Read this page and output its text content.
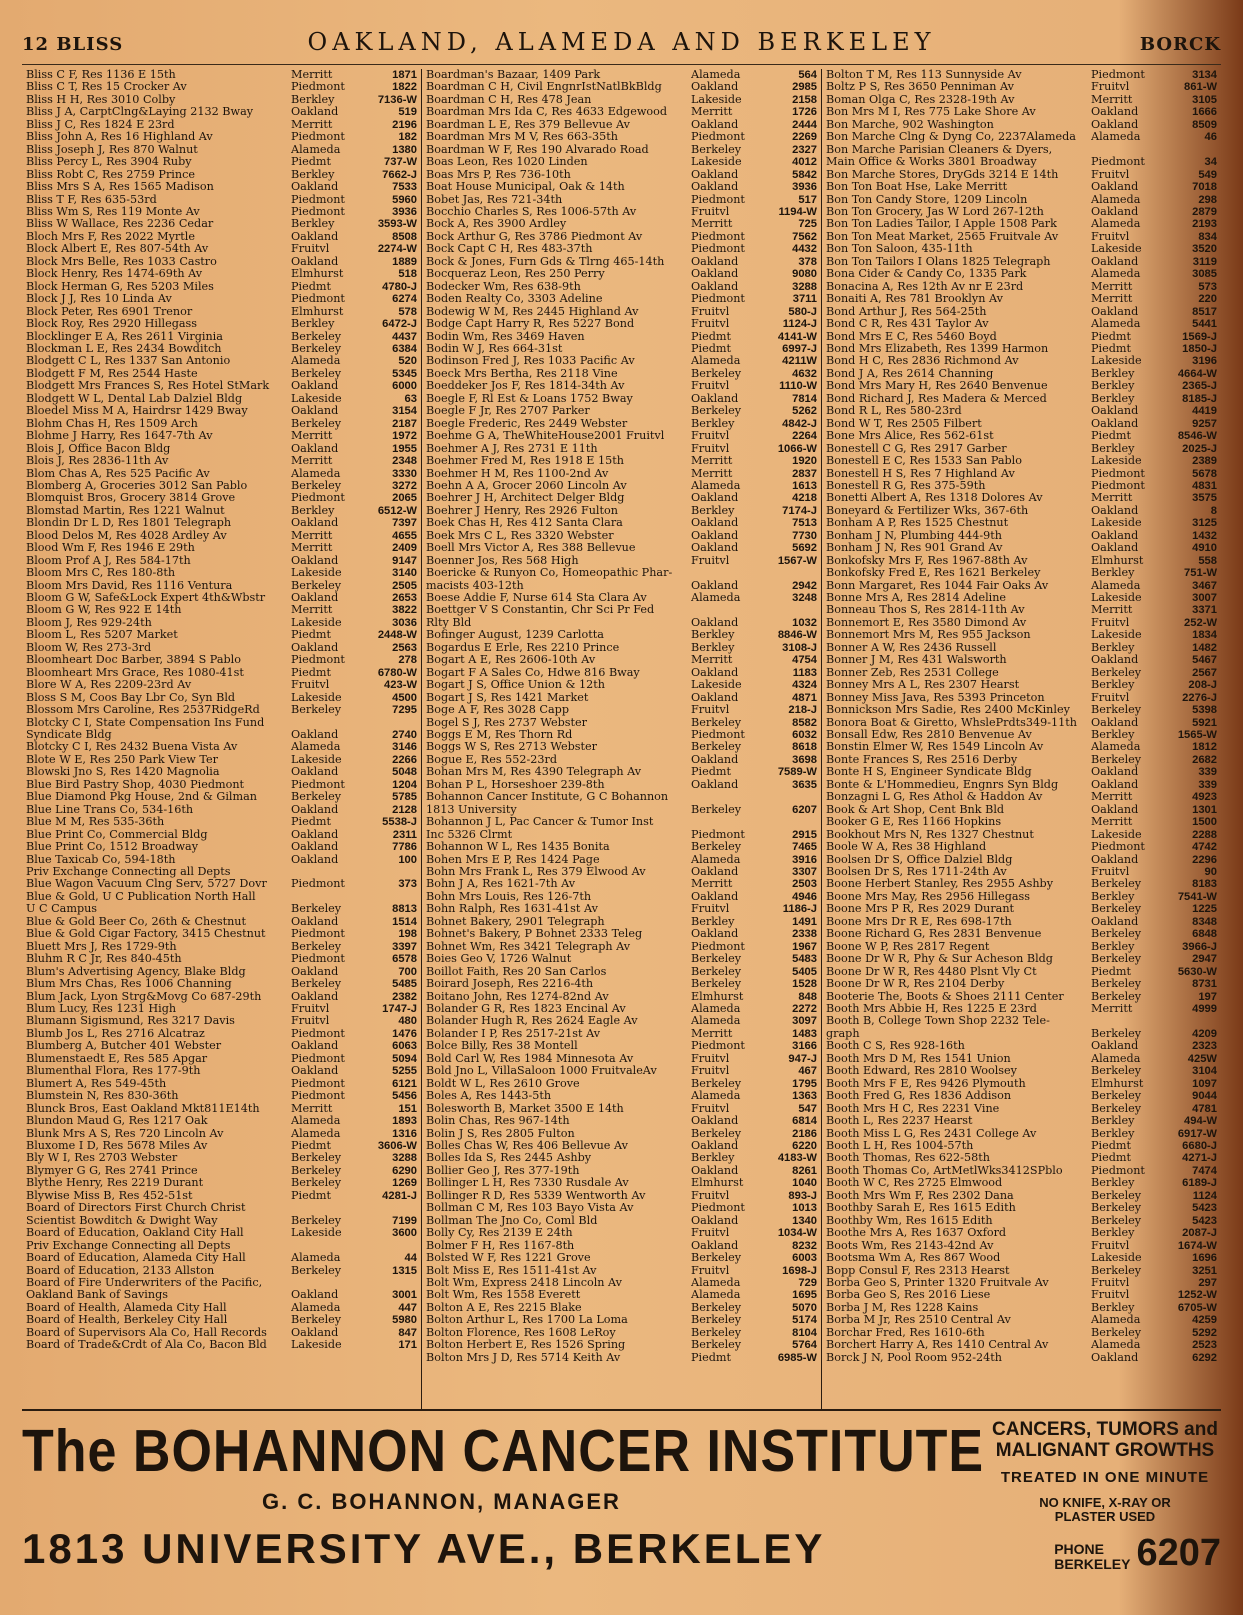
12 BLISS	OAKLAND, ALAMEDA AND BERKELEY	BORCK
Bliss C F, Res 1136 E 15th	Merritt	1871
Bliss C T, Res 15 Crocker Av	Piedmont	1822
Bliss H H, Res 3010 Colby	Berkley	7136-W
Bliss J A, CarptClng&Laying 2132 Bway	Oakland	519
Bliss J C, Res 1824 E 23rd	Merritt	2196
Bliss John A, Res 16 Highland Av	Piedmont	182
Bliss Joseph J, Res 870 Walnut	Alameda	1380
Bliss Percy L, Res 3904 Ruby	Piedmt	737-W
Bliss Robt C, Res 2759 Prince	Berkley	7662-J
Bliss Mrs S A, Res 1565 Madison	Oakland	7533
Bliss T F, Res 635-53rd	Piedmont	5960
Bliss Wm S, Res 119 Monte Av	Piedmont	3936
Bliss W Wallace, Res 2236 Cedar	Berkley	3593-W
Bloch Mrs F, Res 2022 Myrtle	Oakland	8508
Block Albert E, Res 807-54th Av	Fruitvl	2274-W
Block Mrs Belle, Res 1033 Castro	Oakland	1889
Block Henry, Res 1474-69th Av	Elmhurst	518
Block Herman G, Res 5203 Miles	Piedmt	4780-J
Block J J, Res 10 Linda Av	Piedmont	6274
Block Peter, Res 6901 Trenor	Elmhurst	578
Block Roy, Res 2920 Hillegass	Berkley	6472-J
Blocklinger E A, Res 2611 Virginia	Berkeley	4437
Blockman L E, Res 2434 Bowditch	Berkeley	6384
Blodgett C L, Res 1337 San Antonio	Alameda	520
Blodgett F M, Res 2544 Haste	Berkeley	5345
Blodgett Mrs Frances S, Res Hotel StMark	Oakland	6000
Blodgett W L, Dental Lab Dalziel Bldg	Lakeside	63
Bloedel Miss M A, Hairdrsr 1429 Bway	Oakland	3154
Blohm Chas H, Res 1509 Arch	Berkeley	2187
Blohme J Harry, Res 1647-7th Av	Merritt	1972
Blois J, Office Bacon Bldg	Oakland	1955
Blois J, Res 2836-11th Av	Merritt	2348
Blom Chas A, Res 525 Pacific Av	Alameda	3330
Blomberg A, Groceries 3012 San Pablo	Berkeley	3272
Blomquist Bros, Grocery 3814 Grove	Piedmont	2065
Blomstad Martin, Res 1221 Walnut	Berkley	6512-W
Blondin Dr L D, Res 1801 Telegraph	Oakland	7397
Blood Delos M, Res 4028 Ardley Av	Merritt	4655
Blood Wm F, Res 1946 E 29th	Merritt	2409
Bloom Prof A J, Res 584-17th	Oakland	9147
Bloom Mrs C, Res 180-8th	Lakeside	3140
Bloom Mrs David, Res 1116 Ventura	Berkeley	2505
Bloom G W, Safe&Lock Expert 4th&Wbstr	Oakland	2653
Bloom G W, Res 922 E 14th	Merritt	3822
Bloom J, Res 929-24th	Lakeside	3036
Bloom L, Res 5207 Market	Piedmt	2448-W
Bloom W, Res 273-3rd	Oakland	2563
Bloomheart Doc Barber, 3894 S Pablo	Piedmont	278
Bloomheart Mrs Grace, Res 1080-41st	Piedmt	6780-W
Blore W A, Res 2209-23rd Av	Fruitvl	423-W
Bloss S M, Coos Bay Lbr Co, Syn Bld	Lakeside	4500
Blossom Mrs Caroline, Res 2537RidgeRd	Berkeley	7295
Blotcky C I, State Compensation Ins Fund
Syndicate Bldg	Oakland	2740
Blotcky C I, Res 2432 Buena Vista Av	Alameda	3146
Blote W E, Res 250 Park View Ter	Lakeside	2266
Blowski Jno S, Res 1420 Magnolia	Oakland	5048
Blue Bird Pastry Shop, 4030 Piedmont	Piedmont	1204
Blue Diamond Pkg House, 2nd & Gilman	Berkeley	5785
Blue Line Trans Co, 534-16th	Oakland	2128
Blue M M, Res 535-36th	Piedmt	5538-J
Blue Print Co, Commercial Bldg	Oakland	2311
Blue Print Co, 1512 Broadway	Oakland	7786
Blue Taxicab Co, 594-18th	Oakland	100
Priv Exchange Connecting all Depts
Blue Wagon Vacuum Clng Serv, 5727 Dovr	Piedmont	373
Blue & Gold, U C Publication North Hall
U C Campus	Berkeley	8813
Blue & Gold Beer Co, 26th & Chestnut	Oakland	1514
Blue & Gold Cigar Factory, 3415 Chestnut	Piedmont	198
Bluett Mrs J, Res 1729-9th	Berkeley	3397
Bluhm R C Jr, Res 840-45th	Piedmont	6578
Blum's Advertising Agency, Blake Bldg	Oakland	700
Blum Mrs Chas, Res 1006 Channing	Berkeley	5485
Blum Jack, Lyon Strg&Movg Co 687-29th	Oakland	2382
Blum Lucy, Res 1231 High	Fruitvl	1747-J
Blumann Sigismund, Res 3217 Davis	Fruitvl	480
Blumb Jos L, Res 2716 Alcatraz	Piedmont	1476
Blumberg A, Butcher 401 Webster	Oakland	6063
Blumenstaedt E, Res 585 Apgar	Piedmont	5094
Blumenthal Flora, Res 177-9th	Oakland	5255
Blumert A, Res 549-45th	Piedmont	6121
Blumstein N, Res 830-36th	Piedmont	5456
Blunck Bros, East Oakland Mkt811E14th	Merritt	151
Blundon Maud G, Res 1217 Oak	Alameda	1893
Blunk Mrs A S, Res 720 Lincoln Av	Alameda	1316
Bluxome I D, Res 5678 Miles Av	Piedmt	3606-W
Bly W I, Res 2703 Webster	Berkeley	3288
Blymyer G G, Res 2741 Prince	Berkeley	6290
Blythe Henry, Res 2219 Durant	Berkeley	1269
Blywise Miss B, Res 452-51st	Piedmt	4281-J
Board of Directors First Church Christ
Scientist Bowditch & Dwight Way	Berkeley	7199
Board of Education, Oakland City Hall	Lakeside	3600
Priv Exchange Connecting all Depts
Board of Education, Alameda City Hall	Alameda	44
Board of Education, 2133 Allston	Berkeley	1315
Board of Fire Underwriters of the Pacific,
Oakland Bank of Savings	Oakland	3001
Board of Health, Alameda City Hall	Alameda	447
Board of Health, Berkeley City Hall	Berkeley	5980
Board of Supervisors Ala Co, Hall Records	Oakland	847
Board of Trade&Crdt of Ala Co, Bacon Bld	Lakeside	171
Boardman's Bazaar, 1409 Park	Alameda	564
Boardman C H, Civil EngnrIstNatlBkBldg	Oakland	2985
Boardman C H, Res 478 Jean	Lakeside	2158
Boardman Mrs Ida C, Res 4633 Edgewood	Merritt	1726
Boardman L E, Res 379 Bellevue Av	Oakland	2444
Boardman Mrs M V, Res 663-35th	Piedmont	2269
Boardman W F, Res 190 Alvarado Road	Berkeley	2327
Boas Leon, Res 1020 Linden	Lakeside	4012
Boas Mrs P, Res 736-10th	Oakland	5842
Boat House Municipal, Oak & 14th	Oakland	3936
Bobet Jas, Res 721-34th	Piedmont	517
Bocchio Charles S, Res 1006-57th Av	Fruitvl	1194-W
Bock A, Res 3900 Ardley	Merritt	725
Bock Arthur G, Res 3786 Piedmont Av	Piedmont	7562
Bock Capt C H, Res 483-37th	Piedmont	4432
Bock & Jones, Furn Gds & Tlrng 465-14th	Oakland	378
Bocqueraz Leon, Res 250 Perry	Oakland	9080
Bodecker Wm, Res 638-9th	Oakland	3288
Boden Realty Co, 3303 Adeline	Piedmont	3711
Bodewig W M, Res 2445 Highland Av	Fruitvl	580-J
Bodge Capt Harry R, Res 5227 Bond	Fruitvl	1124-J
Bodin Wm, Res 3469 Haven	Piedmt	4141-W
Bodin W J, Res 664-31st	Piedmt	6997-J
Bodinson Fred J, Res 1033 Pacific Av	Alameda	4211W
Boeck Mrs Bertha, Res 2118 Vine	Berkeley	4632
Boeddeker Jos F, Res 1814-34th Av	Fruitvl	1110-W
Boegle F, Rl Est & Loans 1752 Bway	Oakland	7814
Boegle F Jr, Res 2707 Parker	Berkeley	5262
Boegle Frederic, Res 2449 Webster	Berkley	4842-J
Boehme G A, TheWhiteHouse2001 Fruitvl	Fruitvl	2264
Boehmer A J, Res 2731 E 11th	Fruitvl	1066-W
Boehmer Fred M, Res 1918 E 15th	Merritt	1920
Boehmer H M, Res 1100-2nd Av	Merritt	2837
Boehn A A, Grocer 2060 Lincoln Av	Alameda	1613
Boehrer J H, Architect Delger Bldg	Oakland	4218
Boehrer J Henry, Res 2926 Fulton	Berkley	7174-J
Boek Chas H, Res 412 Santa Clara	Oakland	7513
Boek Mrs C L, Res 3320 Webster	Oakland	7730
Boell Mrs Victor A, Res 388 Bellevue	Oakland	5692
Boenner Jos, Res 568 High	Fruitvl	1567-W
Boericke & Runyon Co, Homeopathic Phar-
macists 403-12th	Oakland	2942
Boese Addie F, Nurse 614 Sta Clara Av	Alameda	3248
Boettger V S Constantin, Chr Sci Pr Fed
Rlty Bld	Oakland	1032
Bofinger August, 1239 Carlotta	Berkley	8846-W
Bogardus E Erle, Res 2210 Prince	Berkley	3108-J
Bogart A E, Res 2606-10th Av	Merritt	4754
Bogart F A Sales Co, Hdwe 816 Bway	Oakland	1183
Bogart J S, Office Union & 12th	Lakeside	4324
Bogart J S, Res 1421 Market	Oakland	4871
Boge A F, Res 3028 Capp	Fruitvl	218-J
Bogel S J, Res 2737 Webster	Berkeley	8582
Boggs E M, Res Thorn Rd	Piedmont	6032
Boggs W S, Res 2713 Webster	Berkeley	8618
Bogue E, Res 552-23rd	Oakland	3698
Bohan Mrs M, Res 4390 Telegraph Av	Piedmt	7589-W
Bohan P L, Horseshoer 239-8th	Oakland	3635
Bohannon Cancer Institute, G C Bohannon
1813 University	Berkeley	6207
Bohannon J L, Pac Cancer & Tumor Inst
Inc 5326 Clrmt	Piedmont	2915
Bohannon W L, Res 1435 Bonita	Berkeley	7465
Bohen Mrs E P, Res 1424 Page	Alameda	3916
Bohn Mrs Frank L, Res 379 Elwood Av	Oakland	3307
Bohn J A, Res 1621-7th Av	Merritt	2503
Bohn Mrs Louis, Res 126-7th	Oakland	4946
Bohn Ralph, Res 1631-41st Av	Fruitvl	1186-J
Bohnet Bakery, 2901 Telegraph	Berkley	1491
Bohnet's Bakery, P Bohnet 2333 Teleg	Oakland	2338
Bohnet Wm, Res 3421 Telegraph Av	Piedmont	1967
Boies Geo V, 1726 Walnut	Berkeley	5483
Boillot Faith, Res 20 San Carlos	Berkeley	5405
Boirard Joseph, Res 2216-4th	Berkeley	1528
Boitano John, Res 1274-82nd Av	Elmhurst	848
Bolander G R, Res 1823 Encinal Av	Alameda	2272
Bolander Hugh R, Res 2624 Eagle Av	Alameda	3097
Bolander I P, Res 2517-21st Av	Merritt	1483
Bolce Billy, Res 38 Montell	Piedmont	3166
Bold Carl W, Res 1984 Minnesota Av	Fruitvl	947-J
Bold Jno L, VillaSaloon 1000 FruitvaleAv	Fruitvl	467
Boldt W L, Res 2610 Grove	Berkeley	1795
Boles A, Res 1443-5th	Alameda	1363
Bolesworth B, Market 3500 E 14th	Fruitvl	547
Bolin Chas, Res 967-14th	Oakland	6814
Bolin J S, Res 2805 Fulton	Berkeley	2186
Bolles Chas W, Res 406 Bellevue Av	Oakland	6220
Bolles Ida S, Res 2445 Ashby	Berkley	4183-W
Bollier Geo J, Res 377-19th	Oakland	8261
Bollinger L H, Res 7330 Rusdale Av	Elmhurst	1040
Bollinger R D, Res 5339 Wentworth Av	Fruitvl	893-J
Bollman C M, Res 103 Bayo Vista Av	Piedmont	1013
Bollman The Jno Co, Coml Bld	Oakland	1340
Bolly Cy, Res 2139 E 24th	Fruitvl	1034-W
Bolmer F H, Res 1167-8th	Oakland	8232
Bolsted W F, Res 1221 Grove	Berkeley	6003
Bolt Miss E, Res 1511-41st Av	Fruitvl	1698-J
Bolt Wm, Express 2418 Lincoln Av	Alameda	729
Bolt Wm, Res 1558 Everett	Alameda	1695
Bolton A E, Res 2215 Blake	Berkeley	5070
Bolton Arthur L, Res 1700 La Loma	Berkeley	5174
Bolton Florence, Res 1608 LeRoy	Berkeley	8104
Bolton Herbert E, Res 1526 Spring	Berkeley	5764
Bolton Mrs J D, Res 5714 Keith Av	Piedmt	6985-W
Bolton T M, Res 113 Sunnyside Av	Piedmont	3134
Boltz P S, Res 3650 Penniman Av	Fruitvl	861-W
Boman Olga C, Res 2328-19th Av	Merritt	3105
Bon Mrs M I, Res 775 Lake Shore Av	Oakland	1666
Bon Marche, 902 Washington	Oakland	8509
Bon Marche Clng & Dyng Co, 2237Alameda	Alameda	46
Bon Marche Parisian Cleaners & Dyers,
Main Office & Works 3801 Broadway	Piedmont	34
Bon Marche Stores, DryGds 3214 E 14th	Fruitvl	549
Bon Ton Boat Hse, Lake Merritt	Oakland	7018
Bon Ton Candy Store, 1209 Lincoln	Alameda	298
Bon Ton Grocery, Jas W Lord 267-12th	Oakland	2879
Bon Ton Ladies Tailor, I Apple 1508 Park	Alameda	2193
Bon Ton Meat Market, 2565 Fruitvale Av	Fruitvl	834
Bon Ton Saloon, 435-11th	Lakeside	3520
Bon Ton Tailors I Olans 1825 Telegraph	Oakland	3119
Bona Cider & Candy Co, 1335 Park	Alameda	3085
Bonacina A, Res 12th Av nr E 23rd	Merritt	573
Bonaiti A, Res 781 Brooklyn Av	Merritt	220
Bond Arthur J, Res 564-25th	Oakland	8517
Bond C R, Res 431 Taylor Av	Alameda	5441
Bond Mrs E C, Res 5460 Boyd	Piedmt	1569-J
Bond Mrs Elizabeth, Res 1399 Harmon	Piedmt	1850-J
Bond H C, Res 2836 Richmond Av	Lakeside	3196
Bond J A, Res 2614 Channing	Berkley	4664-W
Bond Mrs Mary H, Res 2640 Benvenue	Berkley	2365-J
Bond Richard J, Res Madera & Merced	Berkley	8185-J
Bond R L, Res 580-23rd	Oakland	4419
Bond W T, Res 2505 Filbert	Oakland	9257
Bone Mrs Alice, Res 562-61st	Piedmt	8546-W
Bonestell C G, Res 2917 Garber	Berkley	2025-J
Bonestell E C, Res 1533 San Pablo	Lakeside	2389
Bonestell H S, Res 7 Highland Av	Piedmont	5678
Bonestell R G, Res 375-59th	Piedmont	4831
Bonetti Albert A, Res 1318 Dolores Av	Merritt	3575
Boneyard & Fertilizer Wks, 367-6th	Oakland	8
Bonham A P, Res 1525 Chestnut	Lakeside	3125
Bonham J N, Plumbing 444-9th	Oakland	1432
Bonham J N, Res 901 Grand Av	Oakland	4910
Bonkofsky Mrs F, Res 1967-88th Av	Elmhurst	558
Bonkofsky Fred E, Res 1621 Berkeley	Berkley	751-W
Bonn Margaret, Res 1044 Fair Oaks Av	Alameda	3467
Bonne Mrs A, Res 2814 Adeline	Lakeside	3007
Bonneau Thos S, Res 2814-11th Av	Merritt	3371
Bonnemort E, Res 3580 Dimond Av	Fruitvl	252-W
Bonnemort Mrs M, Res 955 Jackson	Lakeside	1834
Bonner A W, Res 2436 Russell	Berkley	1482
Bonner J M, Res 431 Walsworth	Oakland	5467
Bonner Zeb, Res 2531 College	Berkeley	2567
Bonney Mrs A L, Res 2307 Hearst	Berkley	208-J
Bonney Miss Java, Res 5393 Princeton	Fruitvl	2276-J
Bonnickson Mrs Sadie, Res 2400 McKinley	Berkeley	5398
Bonora Boat & Giretto, WhslePrdts349-11th	Oakland	5921
Bonsall Edw, Res 2810 Benvenue Av	Berkley	1565-W
Bonstin Elmer W, Res 1549 Lincoln Av	Alameda	1812
Bonte Frances S, Res 2516 Derby	Berkeley	2682
Bonte H S, Engineer Syndicate Bldg	Oakland	339
Bonte & L'Hommedieu, Engnrs Syn Bldg	Oakland	339
Bonzagni L G, Res Athol & Haddon Av	Merritt	4923
Book & Art Shop, Cent Bnk Bld	Oakland	1301
Booker G E, Res 1166 Hopkins	Merritt	1500
Bookhout Mrs N, Res 1327 Chestnut	Lakeside	2288
Boole W A, Res 38 Highland	Piedmont	4742
Boolsen Dr S, Office Dalziel Bldg	Oakland	2296
Boolsen Dr S, Res 1711-24th Av	Fruitvl	90
Boone Herbert Stanley, Res 2955 Ashby	Berkeley	8183
Boone Mrs May, Res 2956 Hillegass	Berkley	7541-W
Boone Mrs P R, Res 2029 Durant	Berkeley	1225
Boone Mrs Dr R E, Res 698-17th	Oakland	8348
Boone Richard G, Res 2831 Benvenue	Berkeley	6848
Boone W P, Res 2817 Regent	Berkley	3966-J
Boone Dr W R, Phy & Sur Acheson Bldg	Berkeley	2947
Boone Dr W R, Res 4480 Plsnt Vly Ct	Piedmt	5630-W
Boone Dr W R, Res 2104 Derby	Berkeley	8731
Booterie The, Boots & Shoes 2111 Center	Berkeley	197
Booth Mrs Abbie H, Res 1225 E 23rd	Merritt	4999
Booth B, College Town Shop 2232 Tele-
graph	Berkeley	4209
Booth C S, Res 928-16th	Oakland	2323
Booth Mrs D M, Res 1541 Union	Alameda	425W
Booth Edward, Res 2810 Woolsey	Berkeley	3104
Booth Mrs F E, Res 9426 Plymouth	Elmhurst	1097
Booth Fred G, Res 1836 Addison	Berkeley	9044
Booth Mrs H C, Res 2231 Vine	Berkeley	4781
Booth L, Res 2237 Hearst	Berkley	494-W
Booth Miss L G, Res 2431 College Av	Berkley	6917-W
Booth L H, Res 1004-57th	Piedmt	6680-J
Booth Thomas, Res 622-58th	Piedmt	4271-J
Booth Thomas Co, ArtMetlWks3412SPblo	Piedmont	7474
Booth W C, Res 2725 Elmwood	Berkley	6189-J
Booth Mrs Wm F, Res 2302 Dana	Berkeley	1124
Boothby Sarah E, Res 1615 Edith	Berkeley	5423
Boothby Wm, Res 1615 Edith	Berkeley	5423
Boothe Mrs A, Res 1637 Oxford	Berkley	2087-J
Boots Wm, Res 2143-42nd Av	Fruitvl	1674-W
Bootsma Wm A, Res 867 Wood	Lakeside	1696
Bopp Consul F, Res 2313 Hearst	Berkeley	3251
Borba Geo S, Printer 1320 Fruitvale Av	Fruitvl	297
Borba Geo S, Res 2016 Liese	Fruitvl	1252-W
Borba J M, Res 1228 Kains	Berkley	6705-W
Borba M Jr, Res 2510 Central Av	Alameda	4259
Borchar Fred, Res 1610-6th	Berkeley	5292
Borchert Harry A, Res 1410 Central Av	Alameda	2523
Borck J N, Pool Room 952-24th	Oakland	6292
The BOHANNON CANCER INSTITUTE
G. C. BOHANNON, MANAGER
1813 UNIVERSITY AVE., BERKELEY
CANCERS, TUMORS and
MALIGNANT GROWTHS
TREATED IN ONE MINUTE
NO KNIFE, X-RAY OR
PLASTER USED
PHONE
BERKELEY 6207
